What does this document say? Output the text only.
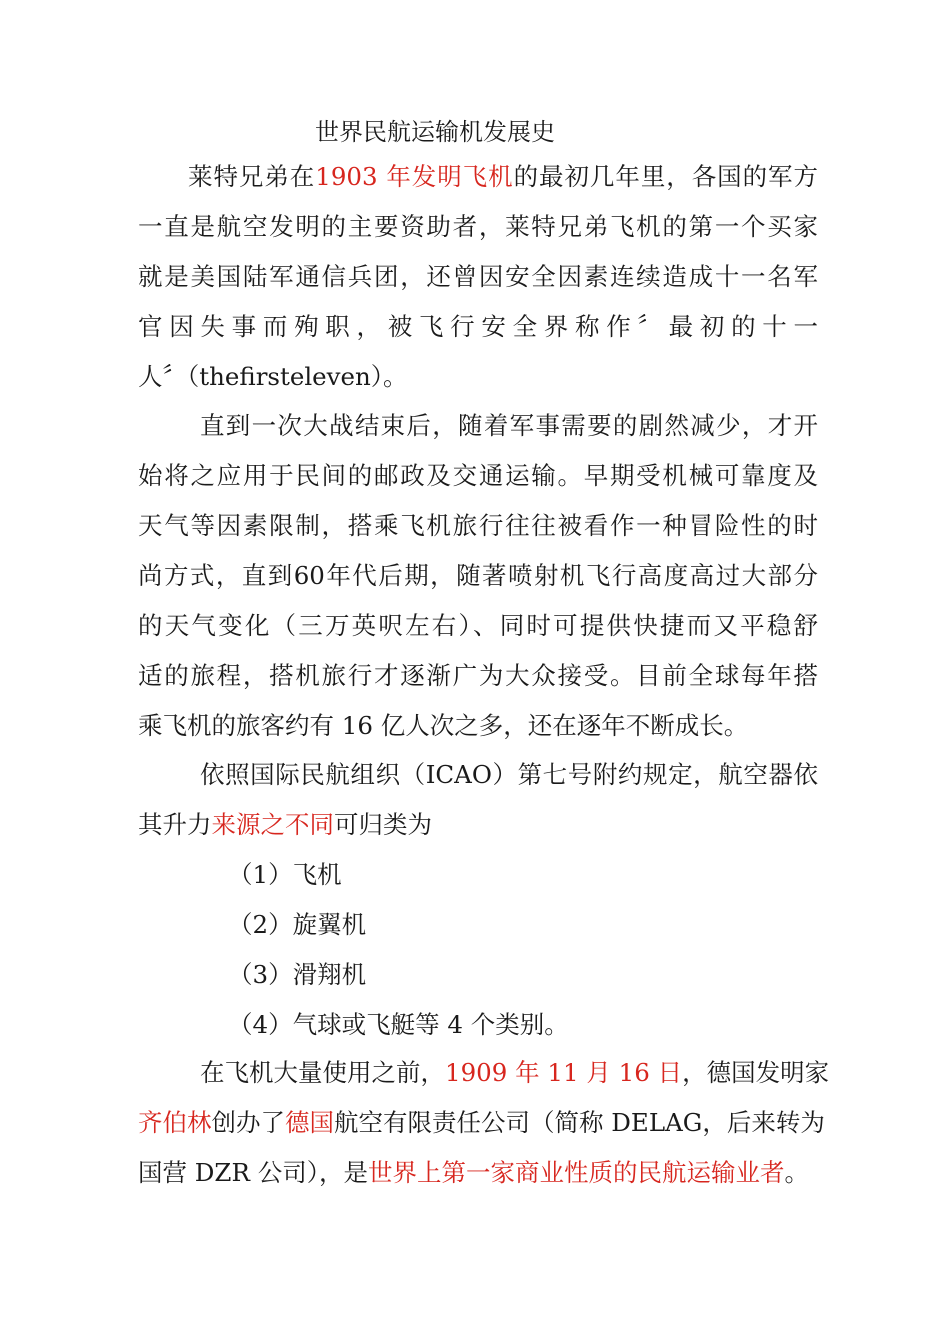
世界民航运输机发展史
莱特兄弟在1903 年发明飞机的最初几年里，各国的军方
一直是航空发明的主要资助者，莱特兄弟飞机的第一个买家
就是美国陆军通信兵团，还曾因安全因素连续造成十一名军
官因失事而殉职，被飞行安全界称作〞最初的十一
人〞（thefirsteleven）。
直到一次大战结束后，随着军事需要的剧然减少，才开
始将之应用于民间的邮政及交通运输。早期受机械可靠度及
天气等因素限制，搭乘飞机旅行往往被看作一种冒险性的时
尚方式，直到60年代后期，随著喷射机飞行高度高过大部分
的天气变化（三万英呎左右）、同时可提供快捷而又平稳舒
适的旅程，搭机旅行才逐渐广为大众接受。目前全球每年搭
乘飞机的旅客约有 16 亿人次之多，还在逐年不断成长。
依照国际民航组织（ICAO）第七号附约规定，航空器依
其升力来源之不同可归类为
（1）飞机
（2）旋翼机
（3）滑翔机
（4）气球或飞艇等 4 个类别。
在飞机大量使用之前，1909 年 11 月 16 日，德国发明家
齐伯林创办了德国航空有限责任公司（简称 DELAG，后来转为
国营 DZR 公司），是世界上第一家商业性质的民航运输业者。
